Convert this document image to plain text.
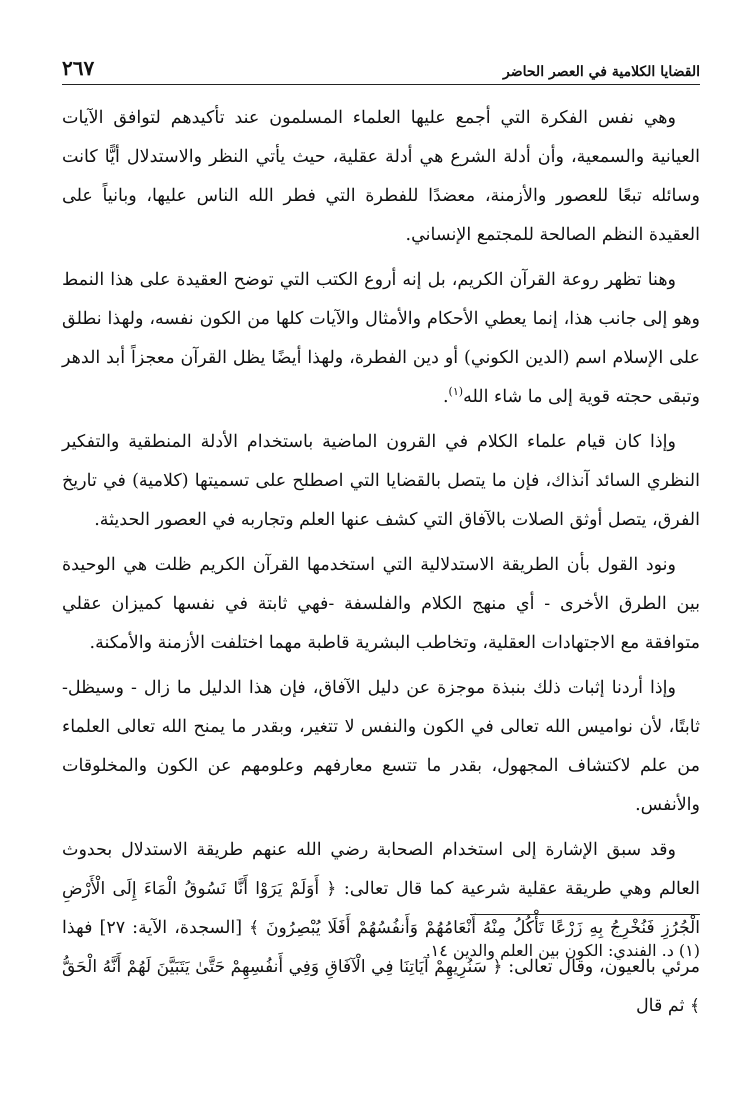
القضايا الكلامية في العصر الحاضر
٢٦٧

وهي نفس الفكرة التي أجمع عليها العلماء المسلمون عند تأكيدهم لتوافق الآيات العيانية والسمعية، وأن أدلة الشرع هي أدلة عقلية، حيث يأتي النظر والاستدلال أيًّا كانت وسائله تبعًا للعصور والأزمنة، معضدًا للفطرة التي فطر الله الناس عليها، وبانياً على العقيدة النظم الصالحة للمجتمع الإنساني.

وهنا تظهر روعة القرآن الكريم، بل إنه أروع الكتب التي توضح العقيدة على هذا النمط وهو إلى جانب هذا، إنما يعطي الأحكام والأمثال والآيات كلها من الكون نفسه، ولهذا نطلق على الإسلام اسم (الدين الكوني) أو دين الفطرة، ولهذا أيضًا يظل القرآن معجزاً أبد الدهر وتبقى حجته قوية إلى ما شاء الله$^{(١)}$.

وإذا كان قيام علماء الكلام في القرون الماضية باستخدام الأدلة المنطقية والتفكير النظري السائد آنذاك، فإن ما يتصل بالقضايا التي اصطلح على تسميتها (كلامية) في تاريخ الفرق، يتصل أوثق الصلات بالآفاق التي كشف عنها العلم وتجاربه في العصور الحديثة.

ونود القول بأن الطريقة الاستدلالية التي استخدمها القرآن الكريم ظلت هي الوحيدة بين الطرق الأخرى - أي منهج الكلام والفلسفة -فهي ثابتة في نفسها كميزان عقلي متوافقة مع الاجتهادات العقلية، وتخاطب البشرية قاطبة مهما اختلفت الأزمنة والأمكنة.

وإذا أردنا إثبات ذلك بنبذة موجزة عن دليل الآفاق، فإن هذا الدليل ما زال - وسيظل- ثابتًا، لأن نواميس الله تعالى في الكون والنفس لا تتغير، وبقدر ما يمنح الله تعالى العلماء من علم لاكتشاف المجهول، بقدر ما تتسع معارفهم وعلومهم عن الكون والمخلوقات والأنفس.

وقد سبق الإشارة إلى استخدام الصحابة رضي الله عنهم طريقة الاستدلال بحدوث العالم وهي طريقة عقلية شرعية كما قال تعالى: ﴿ أَوَلَمْ يَرَوْا أَنَّا نَسُوقُ الْمَاءَ إِلَى الْأَرْضِ الْجُرُزِ فَنُخْرِجُ بِهِ زَرْعًا تَأْكُلُ مِنْهُ أَنْعَامُهُمْ وَأَنفُسُهُمْ أَفَلَا يُبْصِرُونَ ﴾ [السجدة، الآية: ٢٧] فهذا مرئي بالعيون، وقال تعالى: ﴿ سَنُرِيهِمْ آيَاتِنَا فِي الْآفَاقِ وَفِي أَنفُسِهِمْ حَتَّىٰ يَتَبَيَّنَ لَهُمْ أَنَّهُ الْحَقُّ ﴾ ثم قال

(١) د. الفندي: الكون بين العلم والدين ١٤.
